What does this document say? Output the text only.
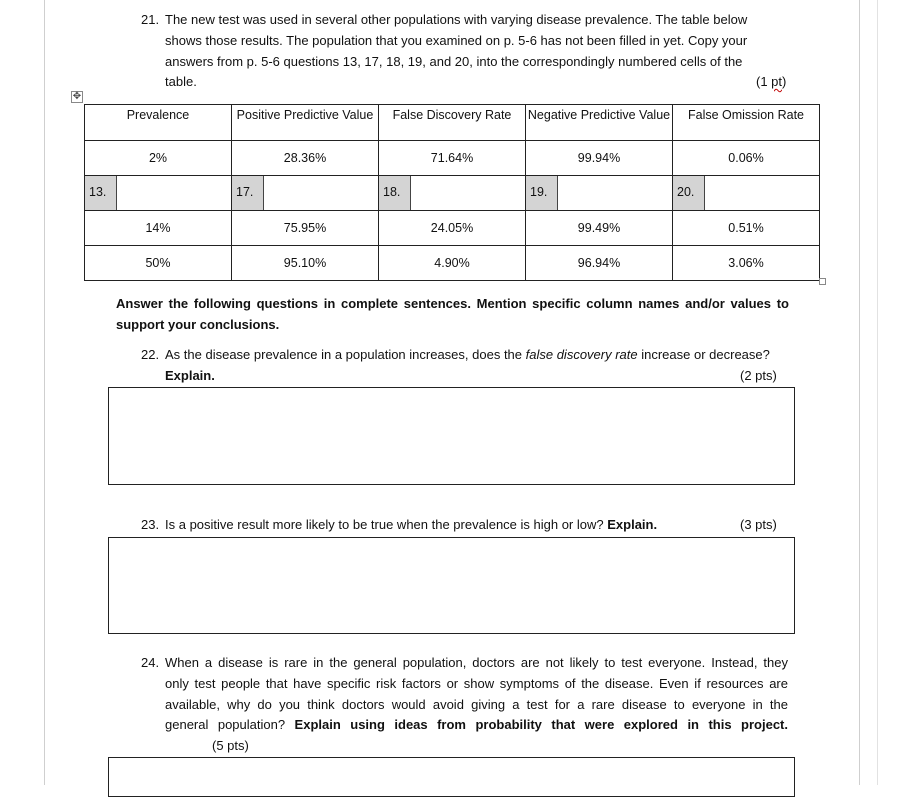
21. The new test was used in several other populations with varying disease prevalence. The table below
shows those results. The population that you examined on p. 5-6 has not been filled in yet. Copy your
answers from p. 5-6 questions 13, 17, 18, 19, and 20, into the correspondingly numbered cells of the
table.	(1 pt)
✥
Prevalence	Positive Predictive Value	False Discovery Rate	Negative Predictive Value	False Omission Rate
2%	28.36%	71.64%	99.94%	0.06%

13.	17.	18.	19.	20.

14%	75.95%	24.05%	99.49%	0.51%
50%	95.10%	4.90%	96.94%	3.06%
Answer the following questions in complete sentences. Mention specific column names and/or values to support your conclusions.
22. As the disease prevalence in a population increases, does the false discovery rate increase or decrease?
Explain.	(2 pts)
23. Is a positive result more likely to be true when the prevalence is high or low? Explain.	(3 pts)
24. When a disease is rare in the general population, doctors are not likely to test everyone. Instead, they
only test people that have specific risk factors or show symptoms of the disease. Even if resources are
available, why do you think doctors would avoid giving a test for a rare disease to everyone in the
general population? Explain using ideas from probability that were explored in this project.
(5 pts)
